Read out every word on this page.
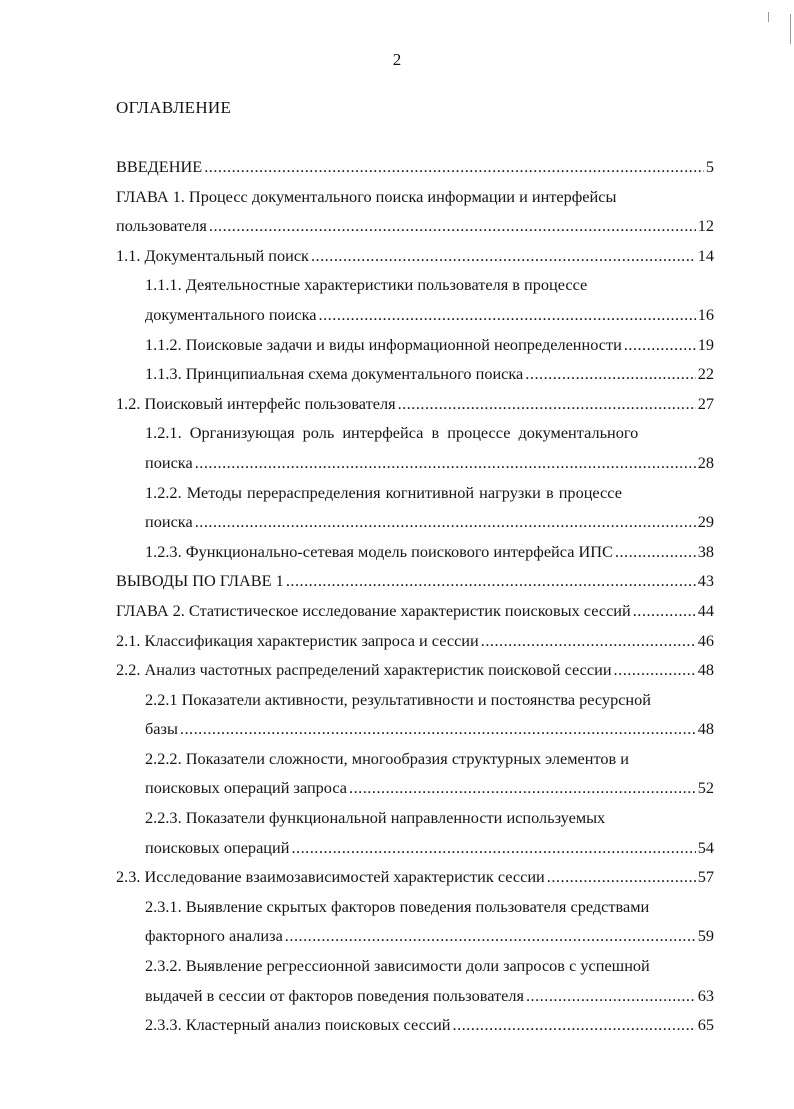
2
ОГЛАВЛЕНИЕ
ВВЕДЕНИЕ .....	5
ГЛАВА 1. Процесс документального поиска информации и интерфейсы
пользователя .....	12
1.1. Документальный поиск .....	14
1.1.1. Деятельностные характеристики пользователя в процессе
документального поиска .....	16
1.1.2. Поисковые задачи и виды информационной неопределенности .....	19
1.1.3. Принципиальная схема документального поиска .....	22
1.2. Поисковый интерфейс пользователя .....	27
1.2.1. Организующая роль интерфейса в процессе документального
поиска .....	28
1.2.2. Методы перераспределения когнитивной нагрузки в процессе
поиска .....	29
1.2.3. Функционально-сетевая модель поискового интерфейса ИПС .....	38
ВЫВОДЫ ПО ГЛАВЕ 1 .....	43
ГЛАВА 2. Статистическое исследование характеристик поисковых сессий .....	44
2.1. Классификация характеристик запроса и сессии .....	46
2.2. Анализ частотных распределений характеристик поисковой сессии .....	48
2.2.1 Показатели активности, результативности и постоянства ресурсной
базы .....	48
2.2.2. Показатели сложности, многообразия структурных элементов и
поисковых операций запроса .....	52
2.2.3. Показатели функциональной направленности используемых
поисковых операций .....	54
2.3. Исследование взаимозависимостей характеристик сессии .....	57
2.3.1. Выявление скрытых факторов поведения пользователя средствами
факторного анализа .....	59
2.3.2. Выявление регрессионной зависимости доли запросов с успешной
выдачей в сессии от факторов поведения пользователя .....	63
2.3.3. Кластерный анализ поисковых сессий .....	65
